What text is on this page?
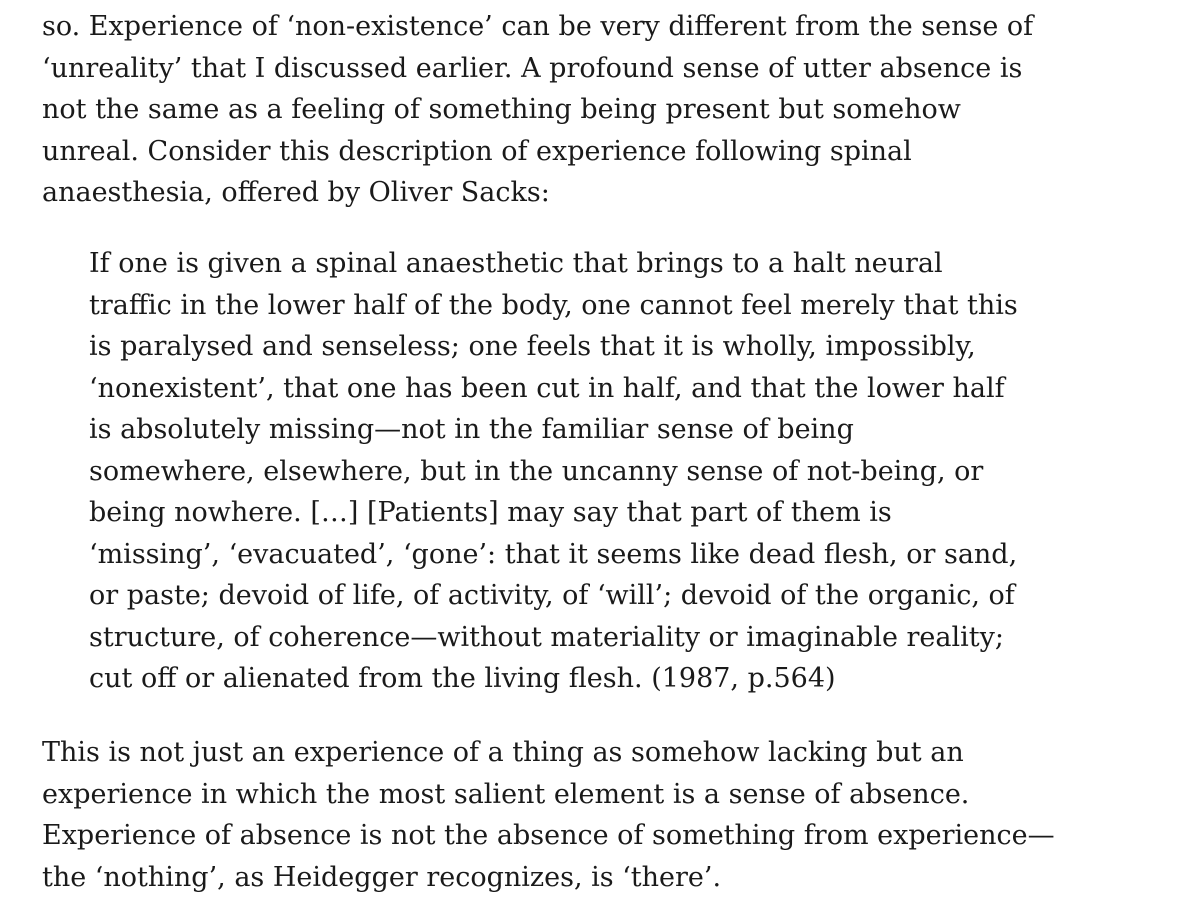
so. Experience of ‘non-existence’ can be very different from the sense of
‘unreality’ that I discussed earlier. A profound sense of utter absence is
not the same as a feeling of something being present but somehow
unreal. Consider this description of experience following spinal
anaesthesia, offered by Oliver Sacks:

If one is given a spinal anaesthetic that brings to a halt neural
traffic in the lower half of the body, one cannot feel merely that this
is paralysed and senseless; one feels that it is wholly, impossibly,
‘nonexistent’, that one has been cut in half, and that the lower half
is absolutely missing—not in the familiar sense of being
somewhere, elsewhere, but in the uncanny sense of not-being, or
being nowhere. […] [Patients] may say that part of them is
‘missing’, ‘evacuated’, ‘gone’: that it seems like dead flesh, or sand,
or paste; devoid of life, of activity, of ‘will’; devoid of the organic, of
structure, of coherence—without materiality or imaginable reality;
cut off or alienated from the living flesh. (1987, p.564)

This is not just an experience of a thing as somehow lacking but an
experience in which the most salient element is a sense of absence.
Experience of absence is not the absence of something from experience—
the ‘nothing’, as Heidegger recognizes, is ‘there’.
